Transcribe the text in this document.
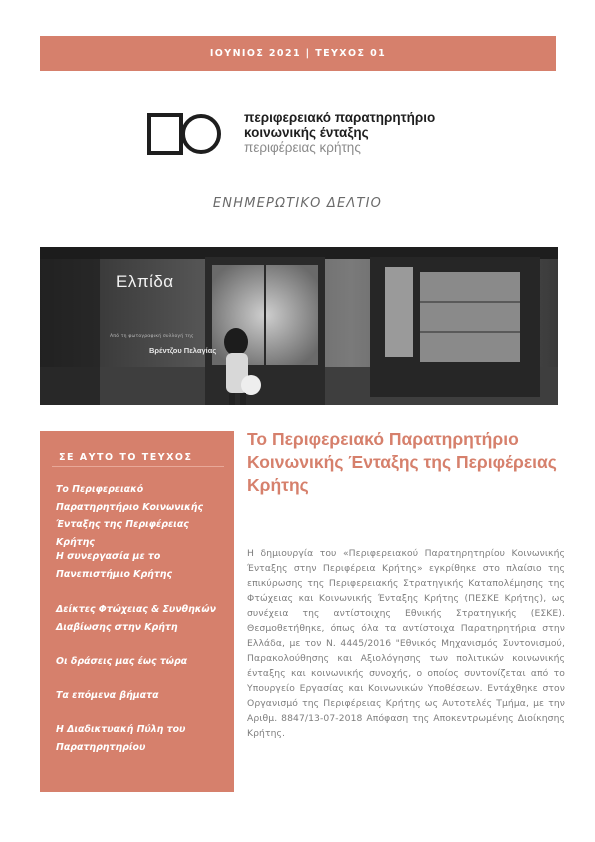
ΙΟΥΝΙΟΣ 2021 | ΤΕΥΧΟΣ 01
περιφερειακό παρατηρητήριο
κοινωνικής ένταξης
περιφέρειας κρήτης
ΕΝΗΜΕΡΩΤΙΚΟ ΔΕΛΤΙΟ
Ελπίδα
Από τη φωτογραφική συλλογή της
Βρέντζου Πελαγίας
ΣΕ ΑΥΤΟ ΤΟ ΤΕΥΧΟΣ
Το Περιφερειακό Παρατηρητήριο Κοινωνικής Ένταξης της Περιφέρειας Κρήτης
Η συνεργασία με το Πανεπιστήμιο Κρήτης
Δείκτες Φτώχειας & Συνθηκών Διαβίωσης στην Κρήτη
Οι δράσεις μας έως τώρα
Τα επόμενα βήματα
Η Διαδικτυακή Πύλη του Παρατηρητηρίου
Το Περιφερειακό Παρατηρητήριο Κοινωνικής Ένταξης της Περιφέρειας Κρήτης
Η δημιουργία του «Περιφερειακού Παρατηρητηρίου Κοινωνικής Ένταξης στην Περιφέρεια Κρήτης» εγκρίθηκε στο πλαίσιο της επικύρωσης της Περιφερειακής Στρατηγικής Καταπολέμησης της Φτώχειας και Κοινωνικής Ένταξης Κρήτης (ΠΕΣΚΕ Κρήτης), ως συνέχεια της αντίστοιχης Εθνικής Στρατηγικής (ΕΣΚΕ). Θεσμοθετήθηκε, όπως όλα τα αντίστοιχα Παρατηρητήρια στην Ελλάδα, με τον Ν. 4445/2016 "Εθνικός Μηχανισμός Συντονισμού, Παρακολούθησης και Αξιολόγησης των πολιτικών κοινωνικής ένταξης και κοινωνικής συνοχής, ο οποίος συντονίζεται από το Υπουργείο Εργασίας και Κοινωνικών Υποθέσεων. Εντάχθηκε στον Οργανισμό της Περιφέρειας Κρήτης ως Αυτοτελές Τμήμα, με την Αριθμ. 8847/13-07-2018 Απόφαση της Αποκεντρωμένης Διοίκησης Κρήτης.
